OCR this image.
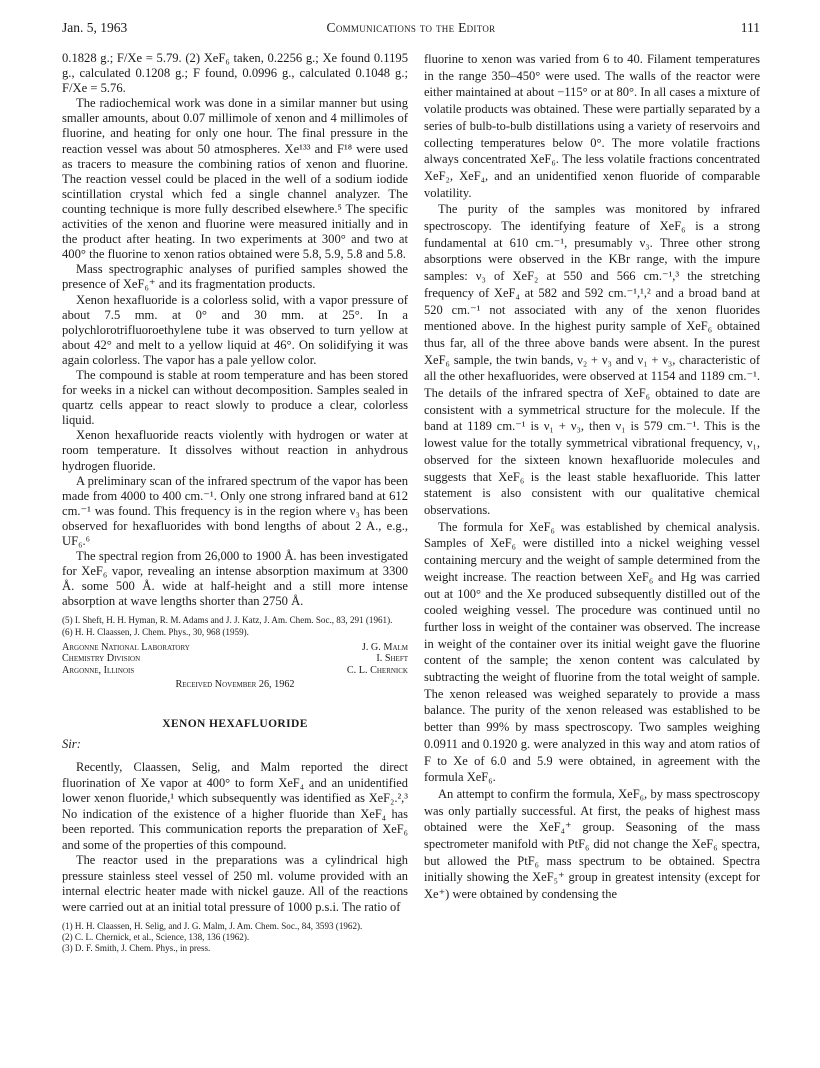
Jan. 5, 1963	Communications to the Editor	111

0.1828 g.; F/Xe = 5.79. (2) XeF₆ taken, 0.2256 g.; Xe found 0.1195 g., calculated 0.1208 g.; F found, 0.0996 g., calculated 0.1048 g.; F/Xe = 5.76.

The radiochemical work was done in a similar manner but using smaller amounts, about 0.07 millimole of xenon and 4 millimoles of fluorine, and heating for only one hour. The final pressure in the reaction vessel was about 50 atmospheres. Xe¹³³ and F¹⁸ were used as tracers to measure the combining ratios of xenon and fluorine. The reaction vessel could be placed in the well of a sodium iodide scintillation crystal which fed a single channel analyzer. The counting technique is more fully described elsewhere.⁵ The specific activities of the xenon and fluorine were measured initially and in the product after heating. In two experiments at 300° and two at 400° the fluorine to xenon ratios obtained were 5.8, 5.9, 5.8 and 5.8.

Mass spectrographic analyses of purified samples showed the presence of XeF₆⁺ and its fragmentation products.

Xenon hexafluoride is a colorless solid, with a vapor pressure of about 7.5 mm. at 0° and 30 mm. at 25°. In a polychlorotrifluoroethylene tube it was observed to turn yellow at about 42° and melt to a yellow liquid at 46°. On solidifying it was again colorless. The vapor has a pale yellow color.

The compound is stable at room temperature and has been stored for weeks in a nickel can without decomposition. Samples sealed in quartz cells appear to react slowly to produce a clear, colorless liquid.

Xenon hexafluoride reacts violently with hydrogen or water at room temperature. It dissolves without reaction in anhydrous hydrogen fluoride.

A preliminary scan of the infrared spectrum of the vapor has been made from 4000 to 400 cm.⁻¹. Only one strong infrared band at 612 cm.⁻¹ was found. This frequency is in the region where ν₃ has been observed for hexafluorides with bond lengths of about 2 A., e.g., UF₆.⁶

The spectral region from 26,000 to 1900 Å. has been investigated for XeF₆ vapor, revealing an intense absorption maximum at 3300 Å. some 500 Å. wide at half-height and a still more intense absorption at wave lengths shorter than 2750 Å.

(5) I. Sheft, H. H. Hyman, R. M. Adams and J. J. Katz, J. Am. Chem. Soc., 83, 291 (1961).
(6) H. H. Claassen, J. Chem. Phys., 30, 968 (1959).
Argonne National Laboratory	J. G. Malm
Chemistry Division	I. Sheft
Argonne, Illinois	C. L. Chernick
Received November 26, 1962
XENON HEXAFLUORIDE
Sir:

Recently, Claassen, Selig, and Malm reported the direct fluorination of Xe vapor at 400° to form XeF₄ and an unidentified lower xenon fluoride,¹ which subsequently was identified as XeF₂.²,³ No indication of the existence of a higher fluoride than XeF₄ has been reported. This communication reports the preparation of XeF₆ and some of the properties of this compound.

The reactor used in the preparations was a cylindrical high pressure stainless steel vessel of 250 ml. volume provided with an internal electric heater made with nickel gauze. All of the reactions were carried out at an initial total pressure of 1000 p.s.i. The ratio of

(1) H. H. Claassen, H. Selig, and J. G. Malm, J. Am. Chem. Soc., 84, 3593 (1962).
(2) C. L. Chernick, et al., Science, 138, 136 (1962).
(3) D. F. Smith, J. Chem. Phys., in press.

fluorine to xenon was varied from 6 to 40. Filament temperatures in the range 350–450° were used. The walls of the reactor were either maintained at about −115° or at 80°. In all cases a mixture of volatile products was obtained. These were partially separated by a series of bulb-to-bulb distillations using a variety of reservoirs and collecting temperatures below 0°. The more volatile fractions always concentrated XeF₆. The less volatile fractions concentrated XeF₂, XeF₄, and an unidentified xenon fluoride of comparable volatility.

The purity of the samples was monitored by infrared spectroscopy. The identifying feature of XeF₆ is a strong fundamental at 610 cm.⁻¹, presumably ν₃. Three other strong absorptions were observed in the KBr range, with the impure samples: ν₃ of XeF₂ at 550 and 566 cm.⁻¹,³ the stretching frequency of XeF₄ at 582 and 592 cm.⁻¹,¹,² and a broad band at 520 cm.⁻¹ not associated with any of the xenon fluorides mentioned above. In the highest purity sample of XeF₆ obtained thus far, all of the three above bands were absent. In the purest XeF₆ sample, the twin bands, ν₂ + ν₃ and ν₁ + ν₃, characteristic of all the other hexafluorides, were observed at 1154 and 1189 cm.⁻¹. The details of the infrared spectra of XeF₆ obtained to date are consistent with a symmetrical structure for the molecule. If the band at 1189 cm.⁻¹ is ν₁ + ν₃, then ν₁ is 579 cm.⁻¹. This is the lowest value for the totally symmetrical vibrational frequency, ν₁, observed for the sixteen known hexafluoride molecules and suggests that XeF₆ is the least stable hexafluoride. This latter statement is also consistent with our qualitative chemical observations.

The formula for XeF₆ was established by chemical analysis. Samples of XeF₆ were distilled into a nickel weighing vessel containing mercury and the weight of sample determined from the weight increase. The reaction between XeF₆ and Hg was carried out at 100° and the Xe produced subsequently distilled out of the cooled weighing vessel. The procedure was continued until no further loss in weight of the container was observed. The increase in weight of the container over its initial weight gave the fluorine content of the sample; the xenon content was calculated by subtracting the weight of fluorine from the total weight of sample. The xenon released was weighed separately to provide a mass balance. The purity of the xenon released was established to be better than 99% by mass spectroscopy. Two samples weighing 0.0911 and 0.1920 g. were analyzed in this way and atom ratios of F to Xe of 6.0 and 5.9 were obtained, in agreement with the formula XeF₆.

An attempt to confirm the formula, XeF₆, by mass spectroscopy was only partially successful. At first, the peaks of highest mass obtained were the XeF₄⁺ group. Seasoning of the mass spectrometer manifold with PtF₆ did not change the XeF₆ spectra, but allowed the PtF₆ mass spectrum to be obtained. Spectra initially showing the XeF₅⁺ group in greatest intensity (except for Xe⁺) were obtained by condensing the
